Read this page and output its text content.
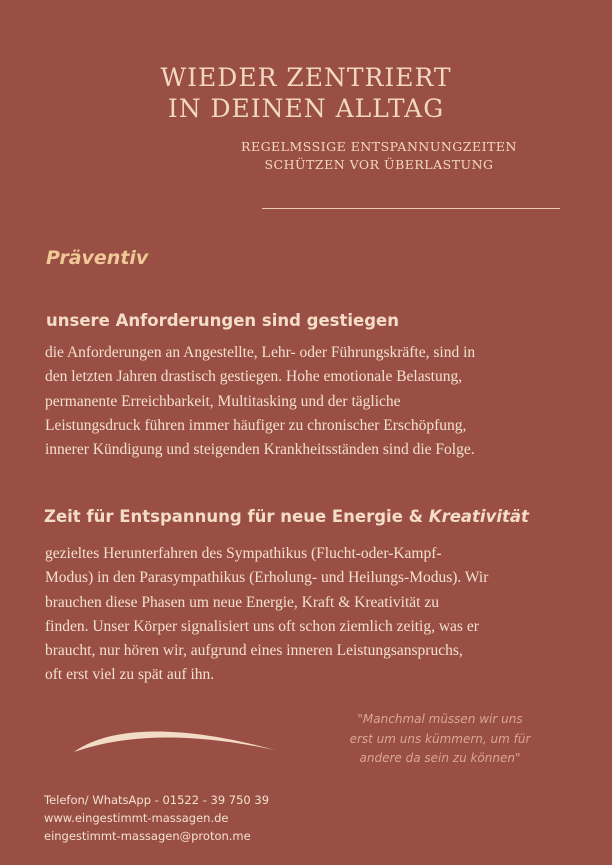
WIEDER ZENTRIERT
IN DEINEN ALLTAG
REGELMSSIGE ENTSPANNUNGZEITEN
SCHÜTZEN VOR ÜBERLASTUNG
Präventiv
unsere Anforderungen sind gestiegen

die Anforderungen an Angestellte, Lehr- oder Führungskräfte, sind in
den letzten Jahren drastisch gestiegen. Hohe emotionale Belastung,
permanente Erreichbarkeit, Multitasking und der tägliche
Leistungsdruck führen immer häufiger zu chronischer Erschöpfung,
innerer Kündigung und steigenden Krankheitsständen sind die Folge.

Zeit für Entspannung für neue Energie & Kreativität

gezieltes Herunterfahren des Sympathikus (Flucht-oder-Kampf-
Modus) in den Parasympathikus (Erholung- und Heilungs-Modus). Wir
brauchen diese Phasen um neue Energie, Kraft & Kreativität zu
finden. Unser Körper signalisiert uns oft schon ziemlich zeitig, was er
braucht, nur hören wir, aufgrund eines inneren Leistungsanspruchs,
oft erst viel zu spät auf ihn.

"Manchmal müssen wir uns
erst um uns kümmern, um für
andere da sein zu können"
Telefon/ WhatsApp - 01522 - 39 750 39
www.eingestimmt-massagen.de
eingestimmt-massagen@proton.me
